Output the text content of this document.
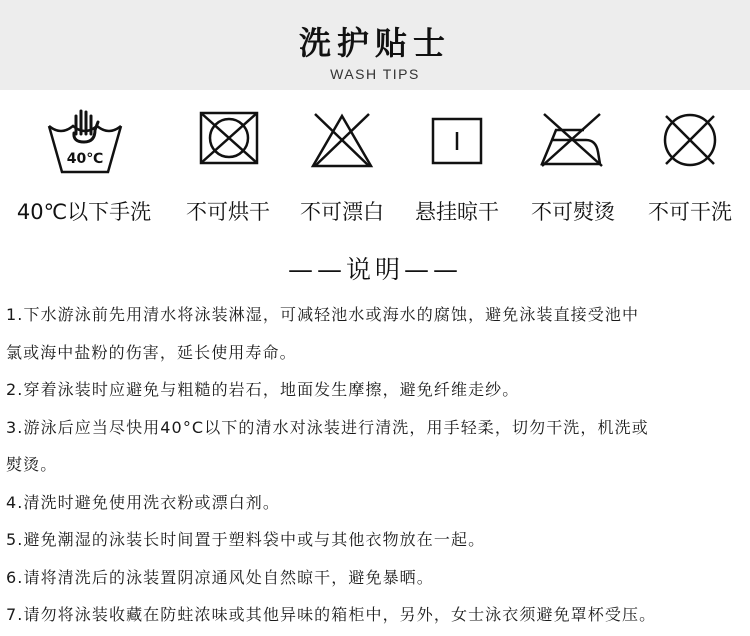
洗护贴士
WASH TIPS
40℃
40℃以下手洗 不可烘干 不可漂白 悬挂晾干 不可熨烫 不可干洗
——说明——

1.下水游泳前先用清水将泳装淋湿，可减轻池水或海水的腐蚀，避免泳装直接受池中

氯或海中盐粉的伤害，延长使用寿命。

2.穿着泳装时应避免与粗糙的岩石，地面发生摩擦，避免纤维走纱。

3.游泳后应当尽快用40°C以下的清水对泳装进行清洗，用手轻柔，切勿干洗，机洗或

熨烫。

4.清洗时避免使用洗衣粉或漂白剂。

5.避免潮湿的泳装长时间置于塑料袋中或与其他衣物放在一起。

6.请将清洗后的泳装置阴凉通风处自然晾干，避免暴晒。

7.请勿将泳装收藏在防蛀浓味或其他异味的箱柜中，另外，女士泳衣须避免罩杯受压。
